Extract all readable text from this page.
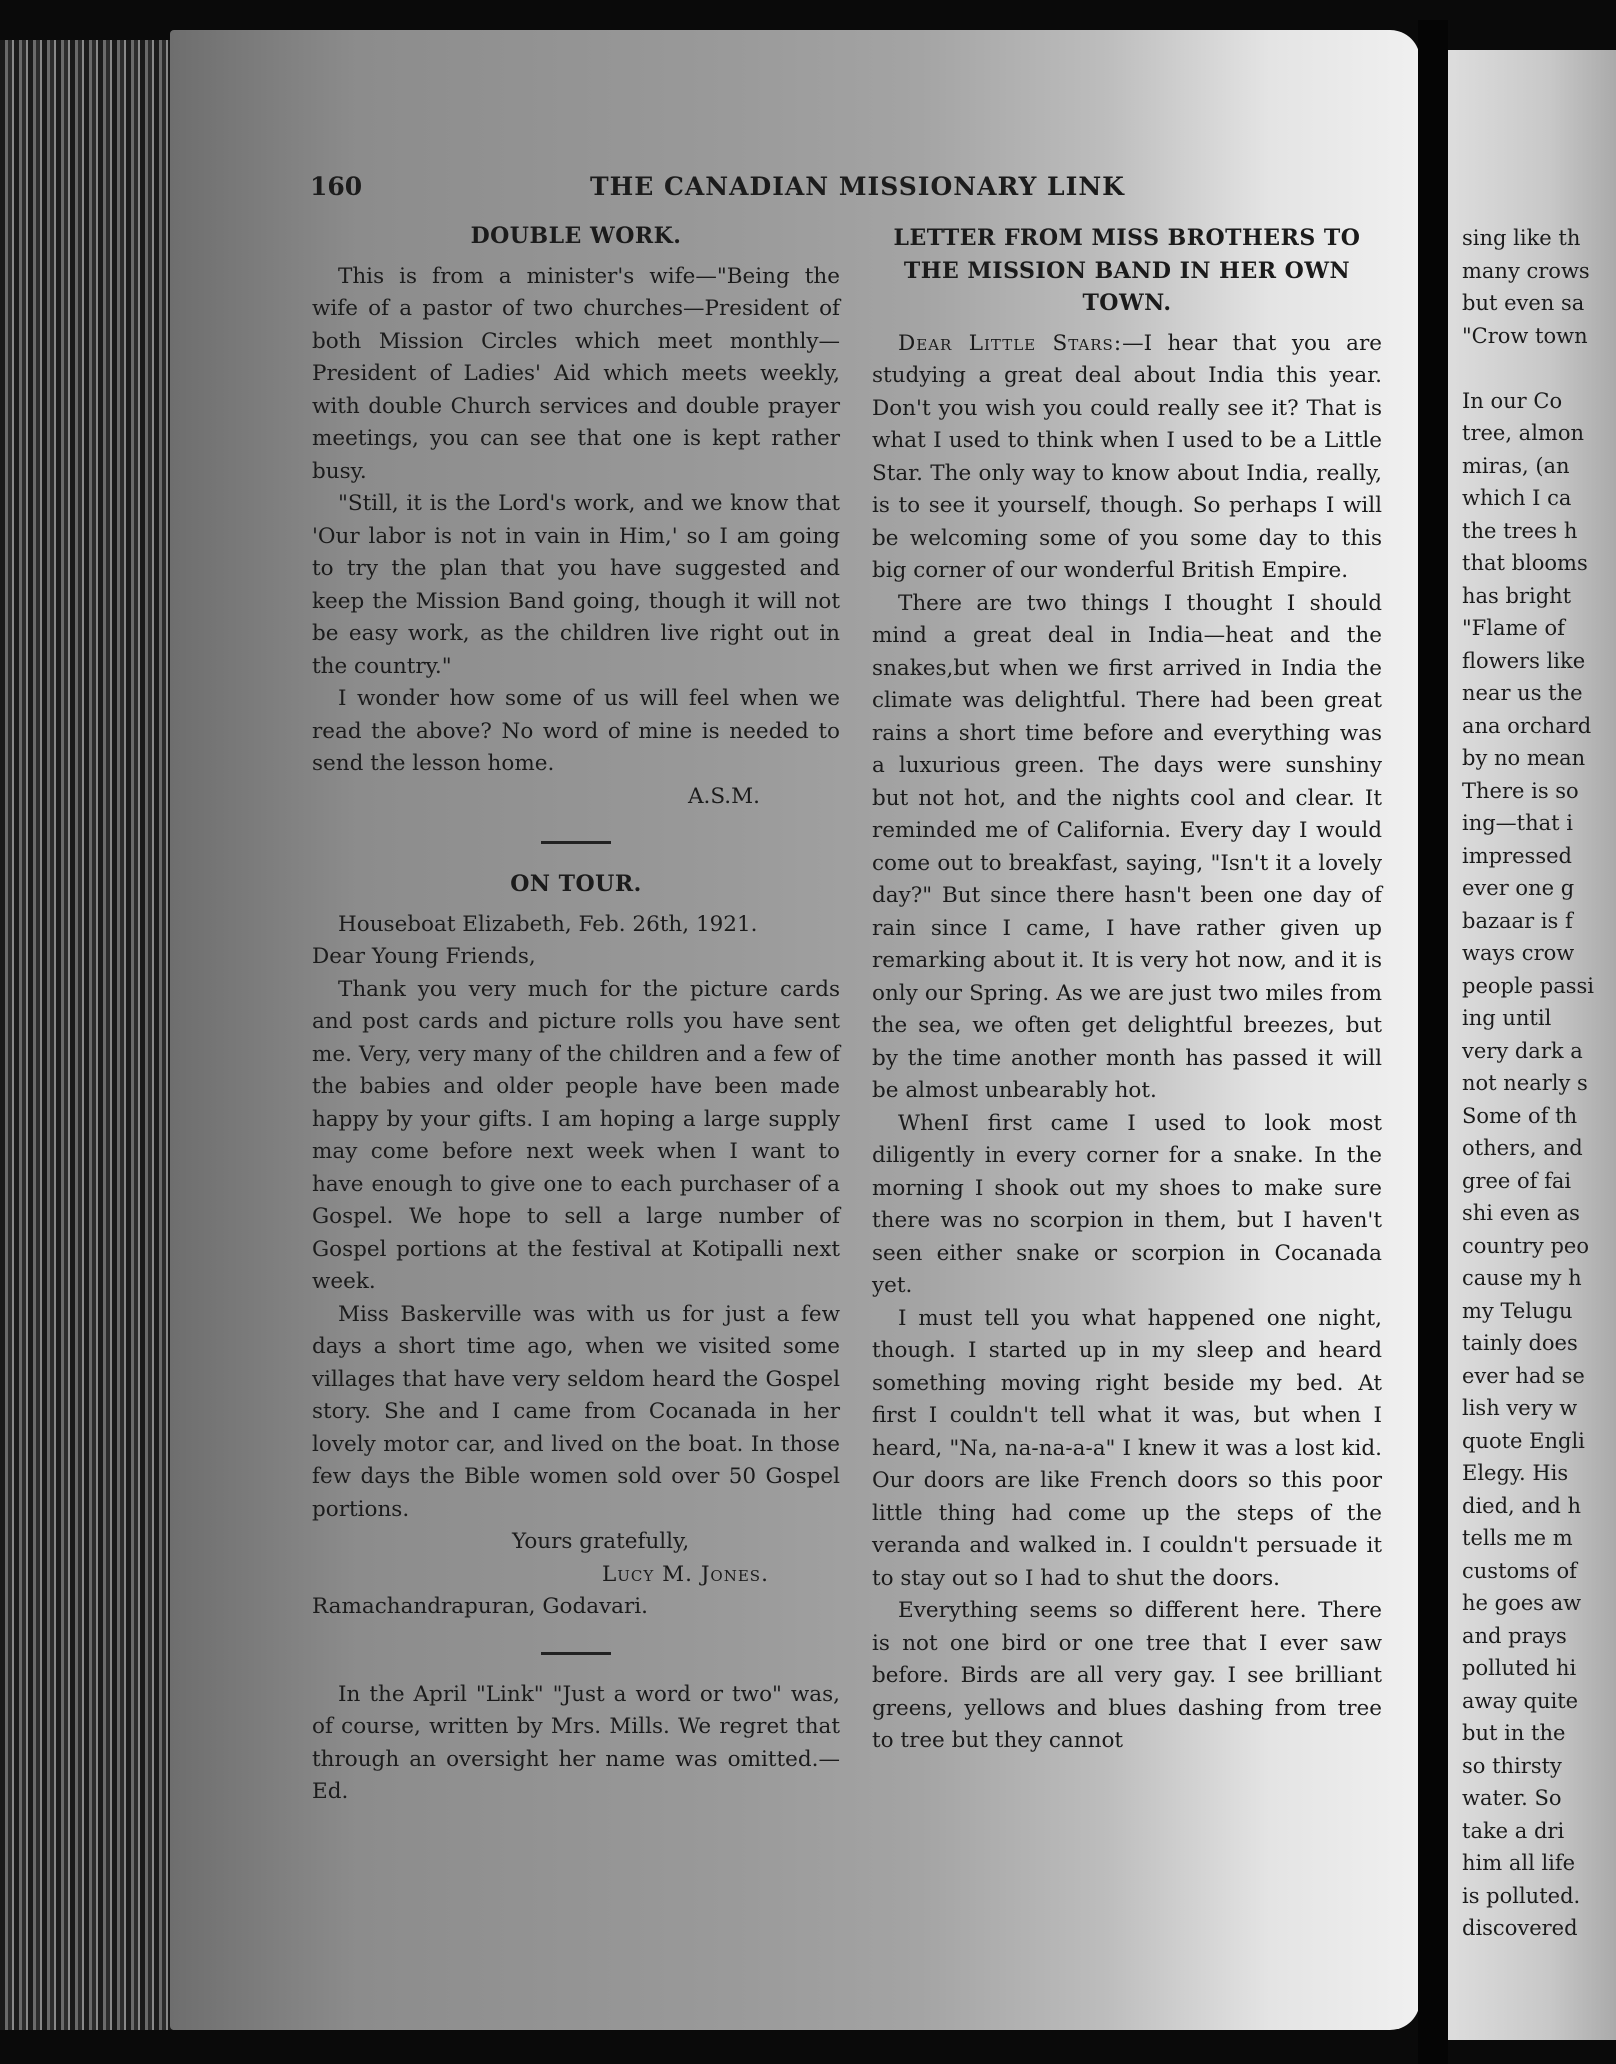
160	THE CANADIAN MISSIONARY LINK
DOUBLE WORK.

This is from a minister's wife—"Being the wife of a pastor of two churches—President of both Mission Circles which meet monthly—President of Ladies' Aid which meets weekly, with double Church services and double prayer meetings, you can see that one is kept rather busy.

"Still, it is the Lord's work, and we know that 'Our labor is not in vain in Him,' so I am going to try the plan that you have suggested and keep the Mission Band going, though it will not be easy work, as the children live right out in the country."

I wonder how some of us will feel when we read the above? No word of mine is needed to send the lesson home.

A.S.M.

ON TOUR.

Houseboat Elizabeth, Feb. 26th, 1921.

Dear Young Friends,

Thank you very much for the picture cards and post cards and picture rolls you have sent me. Very, very many of the children and a few of the babies and older people have been made happy by your gifts. I am hoping a large supply may come before next week when I want to have enough to give one to each purchaser of a Gospel. We hope to sell a large number of Gospel portions at the festival at Kotipalli next week.

Miss Baskerville was with us for just a few days a short time ago, when we visited some villages that have very seldom heard the Gospel story. She and I came from Cocanada in her lovely motor car, and lived on the boat. In those few days the Bible women sold over 50 Gospel portions.

Yours gratefully,

Lucy M. Jones.

Ramachandrapuran, Godavari.

In the April "Link" "Just a word or two" was, of course, written by Mrs. Mills. We regret that through an oversight her name was omitted.—Ed.

LETTER FROM MISS BROTHERS TO THE MISSION BAND IN HER OWN TOWN.

Dear Little Stars:—I hear that you are studying a great deal about India this year. Don't you wish you could really see it? That is what I used to think when I used to be a Little Star. The only way to know about India, really, is to see it yourself, though. So perhaps I will be welcoming some of you some day to this big corner of our wonderful British Empire.

There are two things I thought I should mind a great deal in India—heat and the snakes,but when we first arrived in India the climate was delightful. There had been great rains a short time before and everything was a luxurious green. The days were sunshiny but not hot, and the nights cool and clear. It reminded me of California. Every day I would come out to breakfast, saying, "Isn't it a lovely day?" But since there hasn't been one day of rain since I came, I have rather given up remarking about it. It is very hot now, and it is only our Spring. As we are just two miles from the sea, we often get delightful breezes, but by the time another month has passed it will be almost unbearably hot.

WhenI first came I used to look most diligently in every corner for a snake. In the morning I shook out my shoes to make sure there was no scorpion in them, but I haven't seen either snake or scorpion in Cocanada yet.

I must tell you what happened one night, though. I started up in my sleep and heard something moving right beside my bed. At first I couldn't tell what it was, but when I heard, "Na, na-na-a-a" I knew it was a lost kid. Our doors are like French doors so this poor little thing had come up the steps of the veranda and walked in. I couldn't persuade it to stay out so I had to shut the doors.

Everything seems so different here. There is not one bird or one tree that I ever saw before. Birds are all very gay. I see brilliant greens, yellows and blues dashing from tree to tree but they cannot

sing like th
many crows
but even sa
"Crow town
In our Co
tree, almon
miras, (an
which I ca
the trees h
that blooms
has bright
"Flame of
flowers like
near us the
ana orchard
by no mean
There is so
ing—that i
impressed
ever one g
bazaar is f
ways crow
people passi
ing until
very dark a
not nearly s
Some of th
others, and
gree of fai
shi even as
country peo
cause my h
my Telugu
tainly does
ever had se
lish very w
quote Engli
Elegy. His
died, and h
tells me m
customs of
he goes aw
and prays
polluted hi
away quite
but in the
so thirsty
water. So
take a dri
him all life
is polluted.
discovered
